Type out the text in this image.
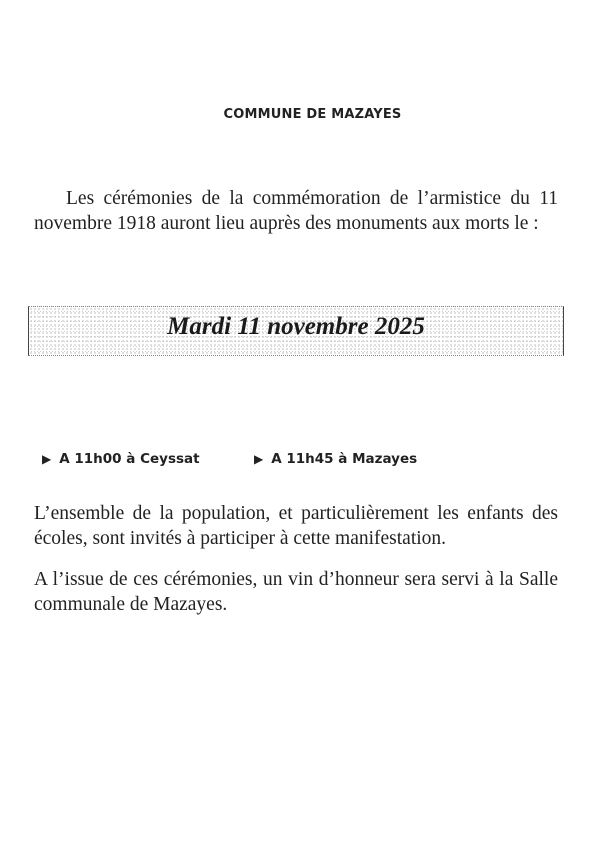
COMMUNE DE MAZAYES
Les cérémonies de la commémoration de l’armistice du 11 novembre 1918 auront lieu auprès des monuments aux morts le :
Mardi 11 novembre 2025
▶ A 11h00 à Ceyssat	▶ A 11h45 à Mazayes
L’ensemble de la population, et particulièrement les enfants des écoles, sont invités à participer à cette manifestation.
A l’issue de ces cérémonies, un vin d’honneur sera servi à la Salle communale de Mazayes.
